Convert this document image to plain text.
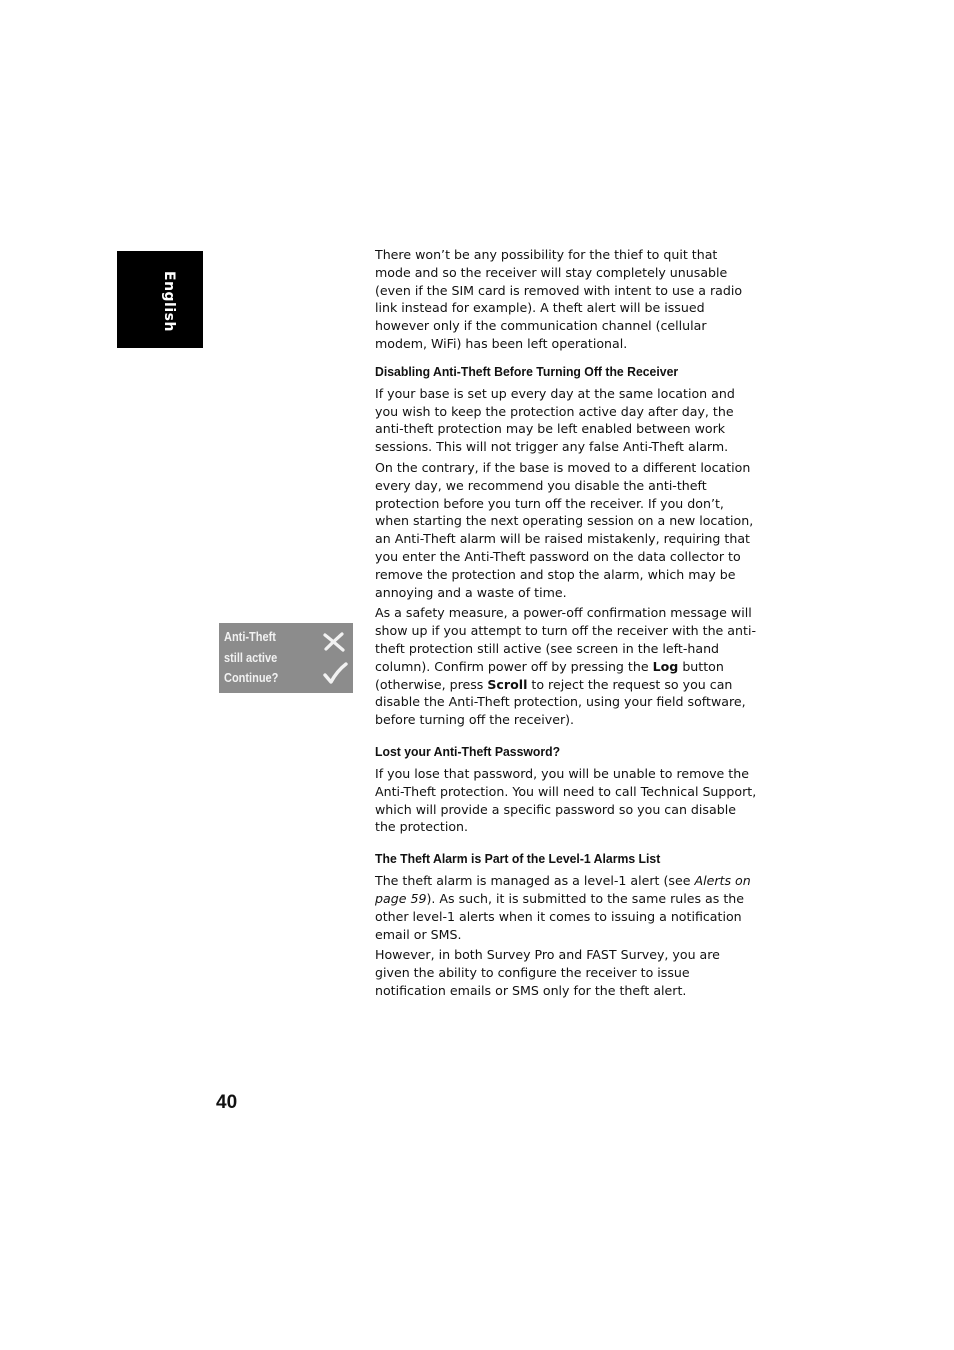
English
Anti-Theft
still active
Continue?

There won’t be any possibility for the thief to quit that mode and so the receiver will stay completely unusable (even if the SIM card is removed with intent to use a radio link instead for example). A theft alert will be issued however only if the communication channel (cellular modem, WiFi) has been left operational.

Disabling Anti-Theft Before Turning Off the Receiver

If your base is set up every day at the same location and you wish to keep the protection active day after day, the anti-theft protection may be left enabled between work sessions. This will not trigger any false Anti-Theft alarm.

On the contrary, if the base is moved to a different location every day, we recommend you disable the anti-theft protection before you turn off the receiver. If you don’t, when starting the next operating session on a new location, an Anti-Theft alarm will be raised mistakenly, requiring that you enter the Anti-Theft password on the data collector to remove the protection and stop the alarm, which may be annoying and a waste of time.

As a safety measure, a power-off confirmation message will show up if you attempt to turn off the receiver with the anti-theft protection still active (see screen in the left-hand column). Confirm power off by pressing the Log button (otherwise, press Scroll to reject the request so you can disable the Anti-Theft protection, using your field software, before turning off the receiver).

Lost your Anti-Theft Password?

If you lose that password, you will be unable to remove the Anti-Theft protection. You will need to call Technical Support, which will provide a specific password so you can disable the protection.

The Theft Alarm is Part of the Level-1 Alarms List

The theft alarm is managed as a level-1 alert (see Alerts on page 59). As such, it is submitted to the same rules as the other level-1 alerts when it comes to issuing a notification email or SMS.

However, in both Survey Pro and FAST Survey, you are given the ability to configure the receiver to issue notification emails or SMS only for the theft alert.

40
